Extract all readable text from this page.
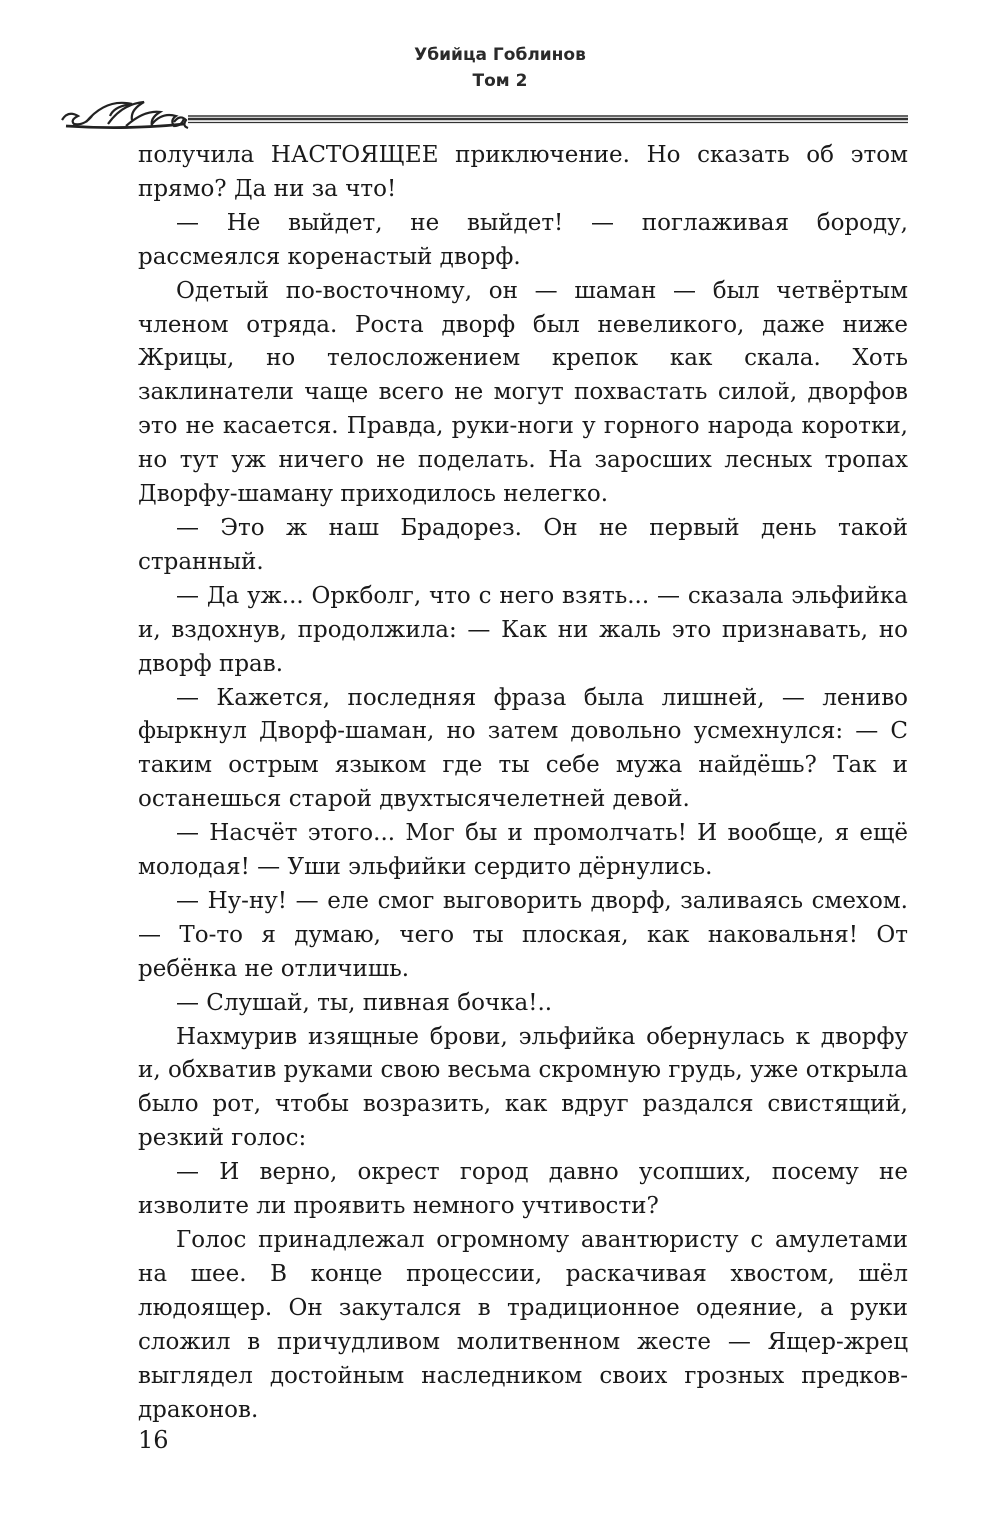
Убийца Гоблинов
Том 2

получила НАСТОЯЩЕЕ приключение. Но сказать об этом прямо? Да ни за что!

— Не выйдет, не выйдет! — поглаживая бороду, рассмеялся коренастый дворф.

Одетый по-восточному, он — шаман — был четвёртым членом отряда. Роста дворф был невеликого, даже ниже Жрицы, но телосложением крепок как скала. Хоть заклинатели чаще всего не могут похвастать силой, дворфов это не касается. Правда, руки-ноги у горного народа коротки, но тут уж ничего не поделать. На заросших лесных тропах Дворфу-шаману приходилось нелегко.

— Это ж наш Брадорез. Он не первый день такой странный.

— Да уж... Оркболг, что с него взять... — сказала эльфийка и, вздохнув, продолжила: — Как ни жаль это признавать, но дворф прав.

— Кажется, последняя фраза была лишней, — лениво фыркнул Дворф-шаман, но затем довольно усмехнулся: — С таким острым языком где ты себе мужа найдёшь? Так и останешься старой двухтысячелетней девой.

— Насчёт этого... Мог бы и промолчать! И вообще, я ещё молодая! — Уши эльфийки сердито дёрнулись.

— Ну-ну! — еле смог выговорить дворф, заливаясь смехом. — То-то я думаю, чего ты плоская, как наковальня! От ребёнка не отличишь.

— Слушай, ты, пивная бочка!..

Нахмурив изящные брови, эльфийка обернулась к дворфу и, обхватив руками свою весьма скромную грудь, уже открыла было рот, чтобы возразить, как вдруг раздался свистящий, резкий голос:

— И верно, окрест город давно усопших, посему не изволите ли проявить немного учтивости?

Голос принадлежал огромному авантюристу с амулетами на шее. В конце процессии, раскачивая хвостом, шёл людоящер. Он закутался в традиционное одеяние, а руки сложил в причудливом молитвенном жесте — Ящер-жрец выглядел достойным наследником своих грозных предков-драконов.

16
